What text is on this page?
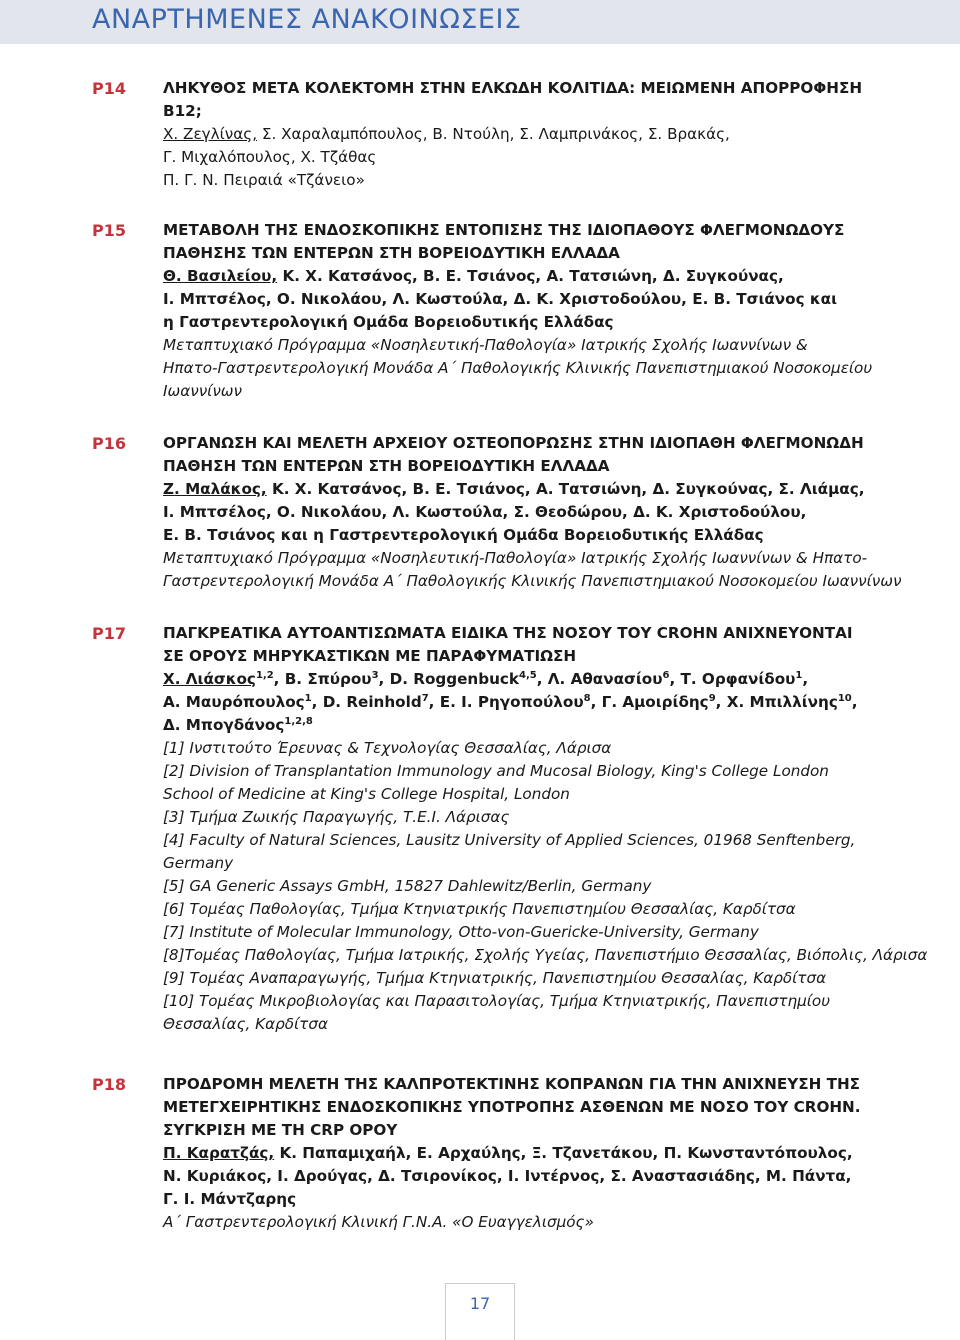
ΑΝΑΡΤΗΜΕΝΕΣ ΑΝΑΚΟΙΝΩΣΕΙΣ
P14 ΛΗΚΥΘΟΣ ΜΕΤΑ ΚΟΛΕΚΤΟΜΗ ΣΤΗΝ ΕΛΚΩΔΗ ΚΟΛΙΤΙΔΑ: ΜΕΙΩΜΕΝΗ ΑΠΟΡΡΟΦΗΣΗ
Β12;
Χ. Ζεγλίνας, Σ. Χαραλαμπόπουλος, Β. Ντούλη, Σ. Λαμπρινάκος, Σ. Βρακάς,
Γ. Μιχαλόπουλος, Χ. Τζάθας
Π. Γ. Ν. Πειραιά «Τζάνειο»
P15 ΜΕΤΑΒΟΛΗ ΤΗΣ ΕΝΔΟΣΚΟΠΙΚΗΣ ΕΝΤΟΠΙΣΗΣ ΤΗΣ ΙΔΙΟΠΑΘΟΥΣ ΦΛΕΓΜΟΝΩΔΟΥΣ
ΠΑΘΗΣΗΣ ΤΩΝ ΕΝΤΕΡΩΝ ΣΤΗ ΒΟΡΕΙΟΔΥΤΙΚΗ ΕΛΛΑΔΑ
Θ. Βασιλείου, Κ. Χ. Κατσάνος, Β. Ε. Τσιάνος, Α. Τατσιώνη, Δ. Συγκούνας,
Ι. Μπτσέλος, Ο. Νικολάου, Λ. Κωστούλα, Δ. Κ. Χριστοδούλου, Ε. Β. Τσιάνος και
η Γαστρεντερολογική Ομάδα Βορειοδυτικής Ελλάδας
Μεταπτυχιακό Πρόγραμμα «Νοσηλευτική-Παθολογία» Ιατρικής Σχολής Ιωαννίνων &
Ηπατο-Γαστρεντερολογική Μονάδα Α΄ Παθολογικής Κλινικής Πανεπιστημιακού Νοσοκομείου
Ιωαννίνων
P16 ΟΡΓΑΝΩΣΗ ΚΑΙ ΜΕΛΕΤΗ ΑΡΧΕΙΟΥ ΟΣΤΕΟΠΟΡΩΣΗΣ ΣΤΗΝ ΙΔΙΟΠΑΘΗ ΦΛΕΓΜΟΝΩΔΗ
ΠΑΘΗΣΗ ΤΩΝ ΕΝΤΕΡΩΝ ΣΤΗ ΒΟΡΕΙΟΔΥΤΙΚΗ ΕΛΛΑΔΑ
Ζ. Μαλάκος, Κ. Χ. Κατσάνος, Β. Ε. Τσιάνος, Α. Τατσιώνη, Δ. Συγκούνας, Σ. Λιάμας,
Ι. Μπτσέλος, Ο. Νικολάου, Λ. Κωστούλα, Σ. Θεοδώρου, Δ. Κ. Χριστοδούλου,
Ε. Β. Τσιάνος και η Γαστρεντερολογική Ομάδα Βορειοδυτικής Ελλάδας
Μεταπτυχιακό Πρόγραμμα «Νοσηλευτική-Παθολογία» Ιατρικής Σχολής Ιωαννίνων & Ηπατο-
Γαστρεντερολογική Μονάδα Α΄ Παθολογικής Κλινικής Πανεπιστημιακού Νοσοκομείου Ιωαννίνων
P17 ΠΑΓΚΡΕΑΤΙΚΑ ΑΥΤΟΑΝΤΙΣΩΜΑΤΑ ΕΙΔΙΚΑ ΤΗΣ ΝΟΣΟΥ ΤΟΥ CROHN ΑΝΙΧΝΕΥΟΝΤΑΙ
ΣΕ ΟΡΟΥΣ ΜΗΡΥΚΑΣΤΙΚΩΝ ΜΕ ΠΑΡΑΦΥΜΑΤΙΩΣΗ
Χ. Λιάσκος$^{1,2}$, Β. Σπύρου$^3$, D. Roggenbuck$^{4,5}$, Λ. Αθανασίου$^6$, Τ. Ορφανίδου$^1$,
Α. Μαυρόπουλος$^1$, D. Reinhold$^7$, Ε. Ι. Ρηγοπούλου$^8$, Γ. Αμοιρίδης$^9$, Χ. Μπιλλίνης$^{10}$,
Δ. Μπογδάνος$^{1,2,8}$
[1] Ινστιτούτο Έρευνας & Τεχνολογίας Θεσσαλίας, Λάρισα
[2] Division of Transplantation Immunology and Mucosal Biology, King's College London
School of Medicine at King's College Hospital, London
[3] Τμήμα Ζωικής Παραγωγής, Τ.Ε.Ι. Λάρισας
[4] Faculty of Natural Sciences, Lausitz University of Applied Sciences, 01968 Senftenberg,
Germany
[5] GA Generic Assays GmbH, 15827 Dahlewitz/Berlin, Germany
[6] Τομέας Παθολογίας, Τμήμα Κτηνιατρικής Πανεπιστημίου Θεσσαλίας, Καρδίτσα
[7] Institute of Molecular Immunology, Otto-von-Guericke-University, Germany
[8]Τομέας Παθολογίας, Τμήμα Ιατρικής, Σχολής Υγείας, Πανεπιστήμιο Θεσσαλίας, Βιόπολις, Λάρισα
[9] Τομέας Αναπαραγωγής, Τμήμα Κτηνιατρικής, Πανεπιστημίου Θεσσαλίας, Καρδίτσα
[10] Τομέας Μικροβιολογίας και Παρασιτολογίας, Τμήμα Κτηνιατρικής, Πανεπιστημίου
Θεσσαλίας, Καρδίτσα
P18 ΠΡΟΔΡΟΜΗ ΜΕΛΕΤΗ ΤΗΣ ΚΑΛΠΡΟΤΕΚΤΙΝΗΣ ΚΟΠΡΑΝΩΝ ΓΙΑ ΤΗΝ ΑΝΙΧΝΕΥΣΗ ΤΗΣ
ΜΕΤΕΓΧΕΙΡΗΤΙΚΗΣ ΕΝΔΟΣΚΟΠΙΚΗΣ ΥΠΟΤΡΟΠΗΣ ΑΣΘΕΝΩΝ ΜΕ ΝΟΣΟ ΤΟΥ CROHN.
ΣΥΓΚΡΙΣΗ ΜΕ ΤΗ CRP ΟΡΟΥ
Π. Καρατζάς, Κ. Παπαμιχαήλ, Ε. Αρχαύλης, Ξ. Τζανετάκου, Π. Κωνσταντόπουλος,
Ν. Κυριάκος, Ι. Δρούγας, Δ. Τσιρονίκος, Ι. Ιντέρνος, Σ. Αναστασιάδης, Μ. Πάντα,
Γ. Ι. Μάντζαρης
Α΄ Γαστρεντερολογική Κλινική Γ.Ν.Α. «Ο Ευαγγελισμός»
17
